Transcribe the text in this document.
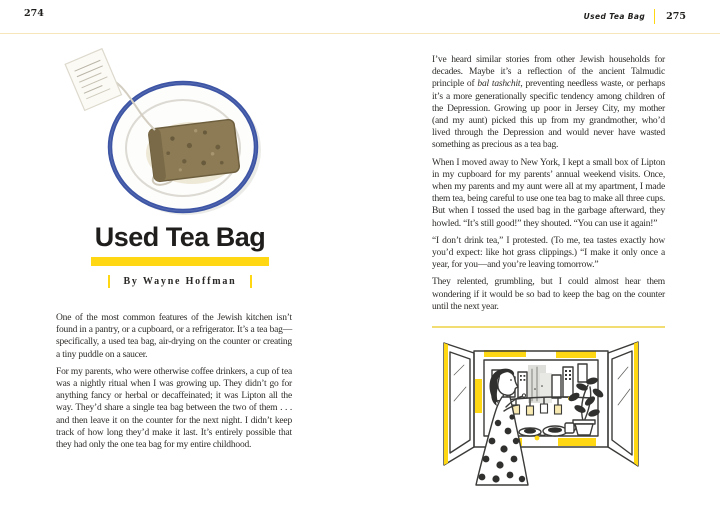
274
Used Tea Bag
By Wayne Hoffman

One of the most common features of the Jewish kitchen isn’t found in a pantry, or a cupboard, or a refrigerator. It’s a tea bag—specifically, a used tea bag, air-drying on the counter or creating a tiny puddle on a saucer.

For my parents, who were otherwise coffee drinkers, a cup of tea was a nightly ritual when I was growing up. They didn’t go for anything fancy or herbal or decaffeinated; it was Lipton all the way. They’d share a single tea bag between the two of them . . . and then leave it on the counter for the next night. I didn’t keep track of how long they’d make it last. It’s entirely possible that they had only the one tea bag for my entire childhood.

Used Tea Bag 275

I’ve heard similar stories from other Jewish households for decades. Maybe it’s a reflection of the ancient Talmudic principle of bal tashchit, preventing needless waste, or perhaps it’s a more generationally specific tendency among children of the Depression. Growing up poor in Jersey City, my mother (and my aunt) picked this up from my grandmother, who’d lived through the Depression and would never have wasted something as precious as a tea bag.

When I moved away to New York, I kept a small box of Lipton in my cupboard for my parents’ annual weekend visits. Once, when my parents and my aunt were all at my apartment, I made them tea, being careful to use one tea bag to make all three cups. But when I tossed the used bag in the garbage afterward, they howled. “It’s still good!” they shouted. “You can use it again!”

“I don’t drink tea,” I protested. (To me, tea tastes exactly how you’d expect: like hot grass clippings.) “I make it only once a year, for you—and you’re leaving tomorrow.”

They relented, grumbling, but I could almost hear them wondering if it would be so bad to keep the bag on the counter until the next year.
